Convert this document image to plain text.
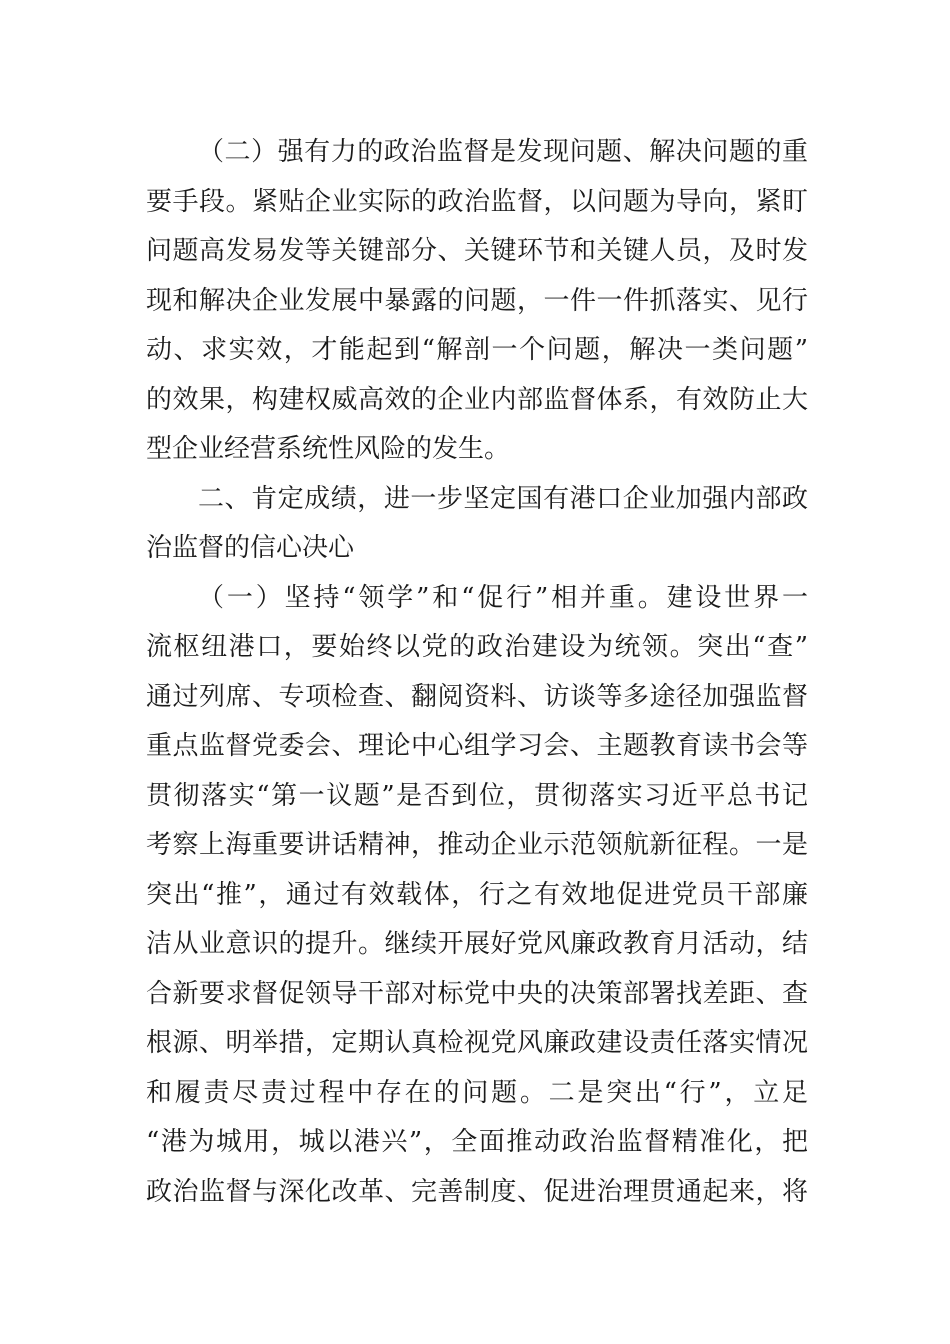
（二）强有力的政治监督是发现问题、解决问题的重
要手段。紧贴企业实际的政治监督，以问题为导向，紧盯
问题高发易发等关键部分、关键环节和关键人员，及时发
现和解决企业发展中暴露的问题，一件一件抓落实、见行
动、求实效，才能起到“解剖一个问题，解决一类问题”
的效果，构建权威高效的企业内部监督体系，有效防止大
型企业经营系统性风险的发生。
二、肯定成绩，进一步坚定国有港口企业加强内部政
治监督的信心决心
（一）坚持“领学”和“促行”相并重。建设世界一
流枢纽港口，要始终以党的政治建设为统领。突出“查”
通过列席、专项检查、翻阅资料、访谈等多途径加强监督
重点监督党委会、理论中心组学习会、主题教育读书会等
贯彻落实“第一议题”是否到位，贯彻落实习近平总书记
考察上海重要讲话精神，推动企业示范领航新征程。一是
突出“推”，通过有效载体，行之有效地促进党员干部廉
洁从业意识的提升。继续开展好党风廉政教育月活动，结
合新要求督促领导干部对标党中央的决策部署找差距、查
根源、明举措，定期认真检视党风廉政建设责任落实情况
和履责尽责过程中存在的问题。二是突出“行”，立足
“港为城用，城以港兴”，全面推动政治监督精准化，把
政治监督与深化改革、完善制度、促进治理贯通起来，将
